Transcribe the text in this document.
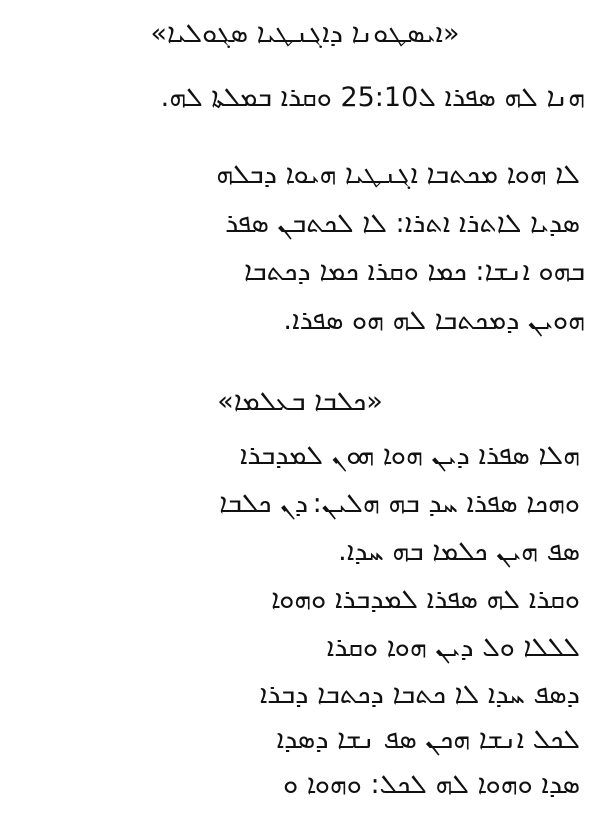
«ܐܝܣܛܘܢܐ ܕܐܓܢܛܝܐ ܣܓܘܠܝܐ»
ܗܢܐ ܠܗ ܣܦܪܐ ܠ25:10 ܘܩܪܐ ܒܡܠܬܐ ܠܗ.
ܠܐ ܗܘܐ ܡܟܬܒܐ ܐܓܢܛܝܐ ܗܝܘܐ ܕܒܠܗ
ܣܕܝܐ ܠܐܬܪܐ ܐܬܪܐ: ܠܐ ܠܟܬܒܢ ܣܦܪ
ܒܗܘ ܐܢܫܐ: ܟܡܐ ܘܩܪܐ ܟܡܐ ܕܟܬܒܐ
ܗܘܝܢ ܕܡܟܬܒܐ ܠܗ ܗܘ ܣܦܪܐ.
«ܟܠܒܐ ܒܥܠܡܐ»
ܗܠܐ ܣܦܪܐ ܕܝܢ ܗܘܐ ܗܘܢ ܠܡܕܒܪܐ
ܘܗܟܐ ܣܦܪܐ ܚܕ ܒܗ ܗܠܝܢ: ܕܢ ܟܠܒܐ
ܣܦ ܗܝܢ ܟܠܡܐ ܒܗ ܚܕܐ.
ܘܩܪܐ ܠܗ ܣܦܪܐ ܠܡܕܒܪܐ ܘܗܘܐ
ܠܠܠܐ ܘܠ ܕܝܢ ܗܘܐ ܘܩܪܐ
ܕܣܦ ܚܕܐ ܠܐ ܟܬܒܐ ܕܟܬܒܐ ܕܒܪܐ
ܠܟܠ ܐܢܫܐ ܗܟܢ ܣܦ ܢܫܐ ܕܣܕܐ
ܣܕܐ ܘܗܘܐ ܠܗ ܠܟܠ: ܘܗܘܐ ܘ
